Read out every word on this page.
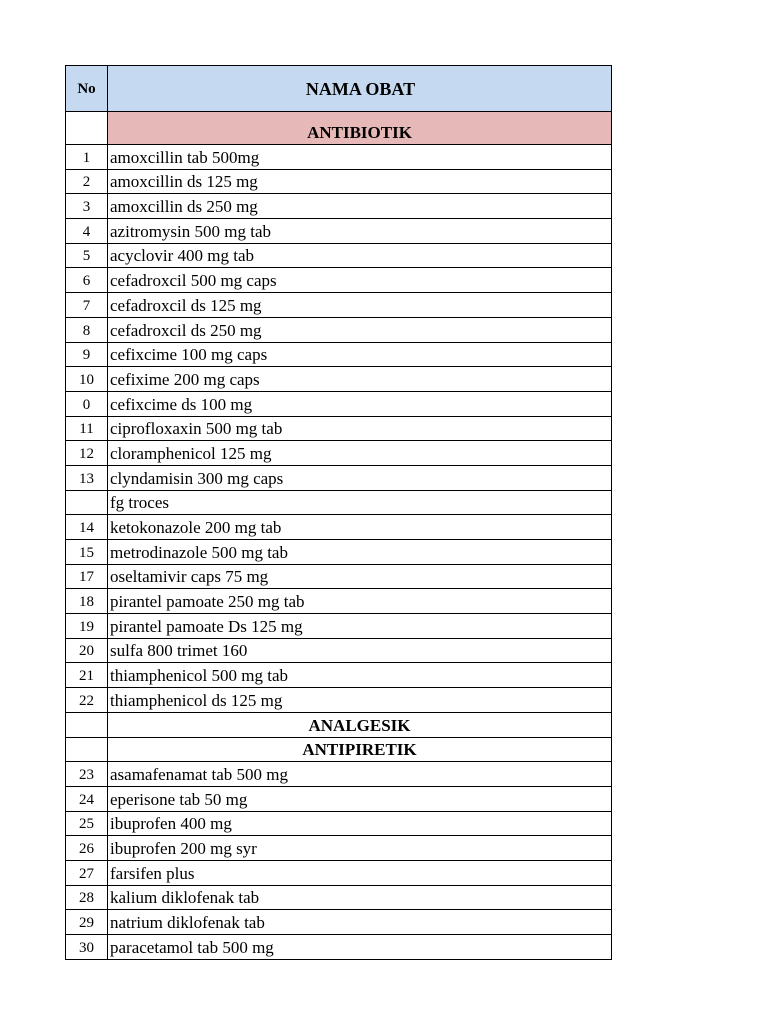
No	NAMA OBAT
	ANTIBIOTIK
1	amoxcillin tab 500mg
2	amoxcillin ds 125 mg
3	amoxcillin ds 250 mg
4	azitromysin 500 mg tab
5	acyclovir 400 mg tab
6	cefadroxcil 500 mg caps
7	cefadroxcil ds 125 mg
8	cefadroxcil ds 250 mg
9	cefixcime 100 mg caps
10	cefixime 200 mg caps
0	cefixcime ds 100 mg
11	ciprofloxaxin 500 mg tab
12	cloramphenicol 125 mg
13	clyndamisin 300 mg caps
	fg troces
14	ketokonazole 200 mg tab
15	metrodinazole 500 mg tab
17	oseltamivir caps 75 mg
18	pirantel pamoate 250 mg tab
19	pirantel pamoate Ds 125 mg
20	sulfa 800 trimet 160
21	thiamphenicol 500 mg tab
22	thiamphenicol ds 125 mg
	ANALGESIK
	ANTIPIRETIK
23	asamafenamat tab 500 mg
24	eperisone tab 50 mg
25	ibuprofen 400 mg
26	ibuprofen 200 mg syr
27	farsifen plus
28	kalium diklofenak tab
29	natrium diklofenak tab
30	paracetamol tab 500 mg
